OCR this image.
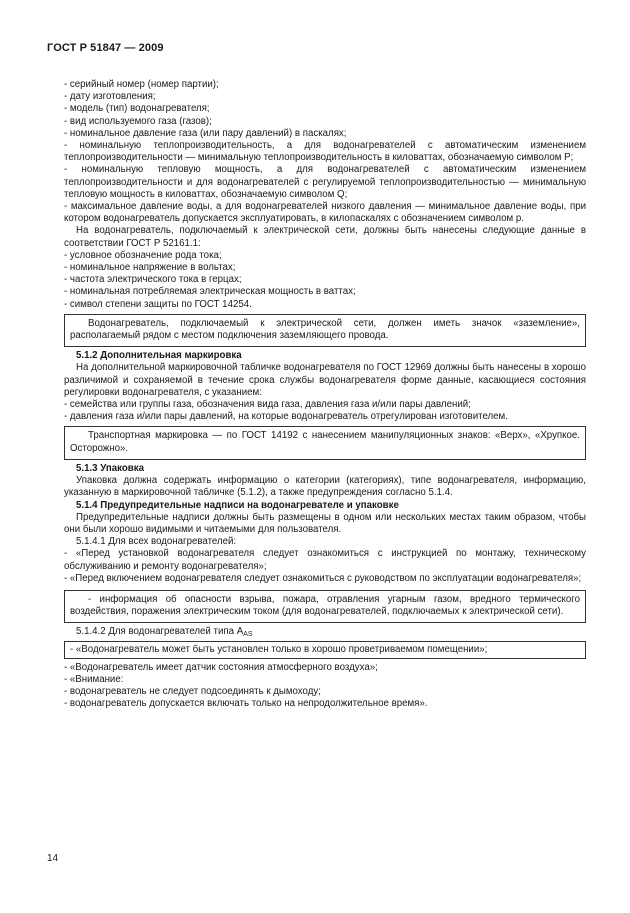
ГОСТ Р 51847 — 2009

- серийный номер (номер партии);

- дату изготовления;

- модель (тип) водонагревателя;

- вид используемого газа (газов);

- номинальное давление газа (или пару давлений) в паскалях;

- номинальную теплопроизводительность, а для водонагревателей с автоматическим изменением теплопроизводительности — минимальную теплопроизводительность в киловаттах, обозначаемую символом P;

- номинальную тепловую мощность, а для водонагревателей с автоматическим изменением теплопроизводительности и для водонагревателей с регулируемой теплопроизводительностью — минимальную тепловую мощность в киловаттах, обозначаемую символом Q;

- максимальное давление воды, а для водонагревателей низкого давления — минимальное давление воды, при котором водонагреватель допускается эксплуатировать, в килопаскалях с обозначением символом p.

На водонагреватель, подключаемый к электрической сети, должны быть нанесены следующие данные в соответствии ГОСТ Р 52161.1:

- условное обозначение рода тока;

- номинальное напряжение в вольтах;

- частота электрического тока в герцах;

- номинальная потребляемая электрическая мощность в ваттах;

- символ степени защиты по ГОСТ 14254.

Водонагреватель, подключаемый к электрической сети, должен иметь значок «заземление», располагаемый рядом с местом подключения заземляющего провода.

5.1.2 Дополнительная маркировка

На дополнительной маркировочной табличке водонагревателя по ГОСТ 12969 должны быть нанесены в хорошо различимой и сохраняемой в течение срока службы водонагревателя форме данные, касающиеся состояния регулировки водонагревателя, с указанием:

- семейства или группы газа, обозначения вида газа, давления газа и/или пары давлений;

- давления газа и/или пары давлений, на которые водонагреватель отрегулирован изготовителем.

Транспортная маркировка — по ГОСТ 14192 с нанесением манипуляционных знаков: «Верх», «Хрупкое. Осторожно».

5.1.3 Упаковка

Упаковка должна содержать информацию о категории (категориях), типе водонагревателя, информацию, указанную в маркировочной табличке (5.1.2), а также предупреждения согласно 5.1.4.

5.1.4 Предупредительные надписи на водонагревателе и упаковке

Предупредительные надписи должны быть размещены в одном или нескольких местах таким образом, чтобы они были хорошо видимыми и читаемыми для пользователя.

5.1.4.1 Для всех водонагревателей:

- «Перед установкой водонагревателя следует ознакомиться с инструкцией по монтажу, техническому обслуживанию и ремонту водонагревателя»;

- «Перед включением водонагревателя следует ознакомиться с руководством по эксплуатации водонагревателя»;

- информация об опасности взрыва, пожара, отравления угарным газом, вредного термического воздействия, поражения электрическим током (для водонагревателей, подключаемых к электрической сети).

5.1.4.2 Для водонагревателей типа $A_{AS}$

- «Водонагреватель может быть установлен только в хорошо проветриваемом помещении»;

- «Водонагреватель имеет датчик состояния атмосферного воздуха»;

- «Внимание:

- водонагреватель не следует подсоединять к дымоходу;

- водонагреватель допускается включать только на непродолжительное время».

14
